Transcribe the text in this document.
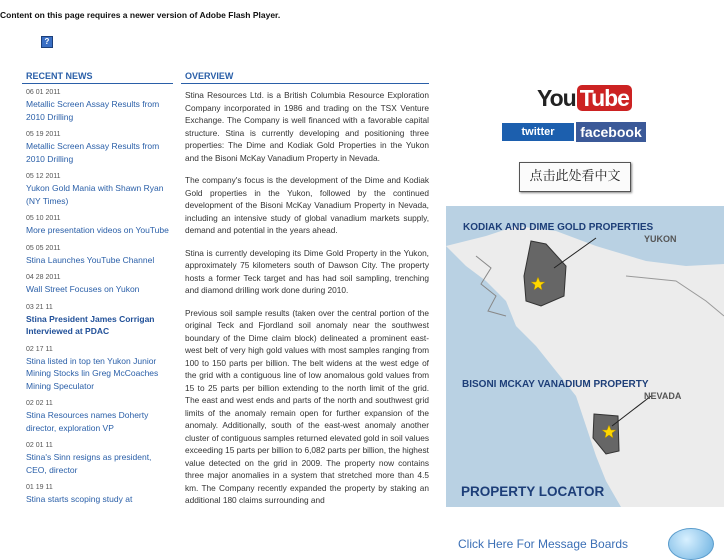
Content on this page requires a newer version of Adobe Flash Player.
?
RECENT NEWS
06 01 2011
Metallic Screen Assay Results from 2010 Drilling
05 19 2011
Metallic Screen Assay Results from 2010 Drilling
05 12 2011
Yukon Gold Mania with Shawn Ryan (NY Times)
05 10 2011
More presentation videos on YouTube
05 05 2011
Stina Launches YouTube Channel
04 28 2011
Wall Street Focuses on Yukon
03 21 11
Stina President James Corrigan Interviewed at PDAC
02 17 11
Stina listed in top ten Yukon Junior Mining Stocks lin Greg McCoaches Mining Speculator
02 02 11
Stina Resources names Doherty director, exploration VP
02 01 11
Stina's Sinn resigns as president, CEO, director
01 19 11
Stina starts scoping study at
OVERVIEW

Stina Resources Ltd. is a British Columbia Resource Exploration Company incorporated in 1986 and trading on the TSX Venture Exchange. The Company is well financed with a favorable capital structure. Stina is currently developing and positioning three properties: The Dime and Kodiak Gold Properties in the Yukon and the Bisoni McKay Vanadium Property in Nevada.

The company's focus is the development of the Dime and Kodiak Gold properties in the Yukon, followed by the continued development of the Bisoni McKay Vanadium Property in Nevada, including an intensive study of global vanadium markets supply, demand and potential in the years ahead.

Stina is currently developing its Dime Gold Property in the Yukon, approximately 75 kilometers south of Dawson City. The property hosts a former Teck target and has had soil sampling, trenching and diamond drilling work done during 2010.

Previous soil sample results (taken over the central portion of the original Teck and Fjordland soil anomaly near the southwest boundary of the Dime claim block) delineated a prominent east- west belt of very high gold values with most samples ranging from 100 to 150 parts per billion. The belt widens at the west edge of the grid with a contiguous line of low anomalous gold values from 15 to 25 parts per billion extending to the north limit of the grid. The east and west ends and parts of the north and southwest grid limits of the anomaly remain open for further expansion of the anomaly. Additionally, south of the east-west anomaly another cluster of contiguous samples returned elevated gold in soil values exceeding 15 parts per billion to 6,082 parts per billion, the highest value detected on the grid in 2009. The property now contains three major anomalies in a system that stretched more than 4.5 km. The Company recently expanded the property by staking an additional 180 claims surrounding and

You Tube
twitter	facebook
点击此处看中文
KODIAK AND DIME GOLD PROPERTIES
YUKON
BISONI MCKAY VANADIUM PROPERTY
NEVADA
PROPERTY LOCATOR
Click Here For Message Boards
